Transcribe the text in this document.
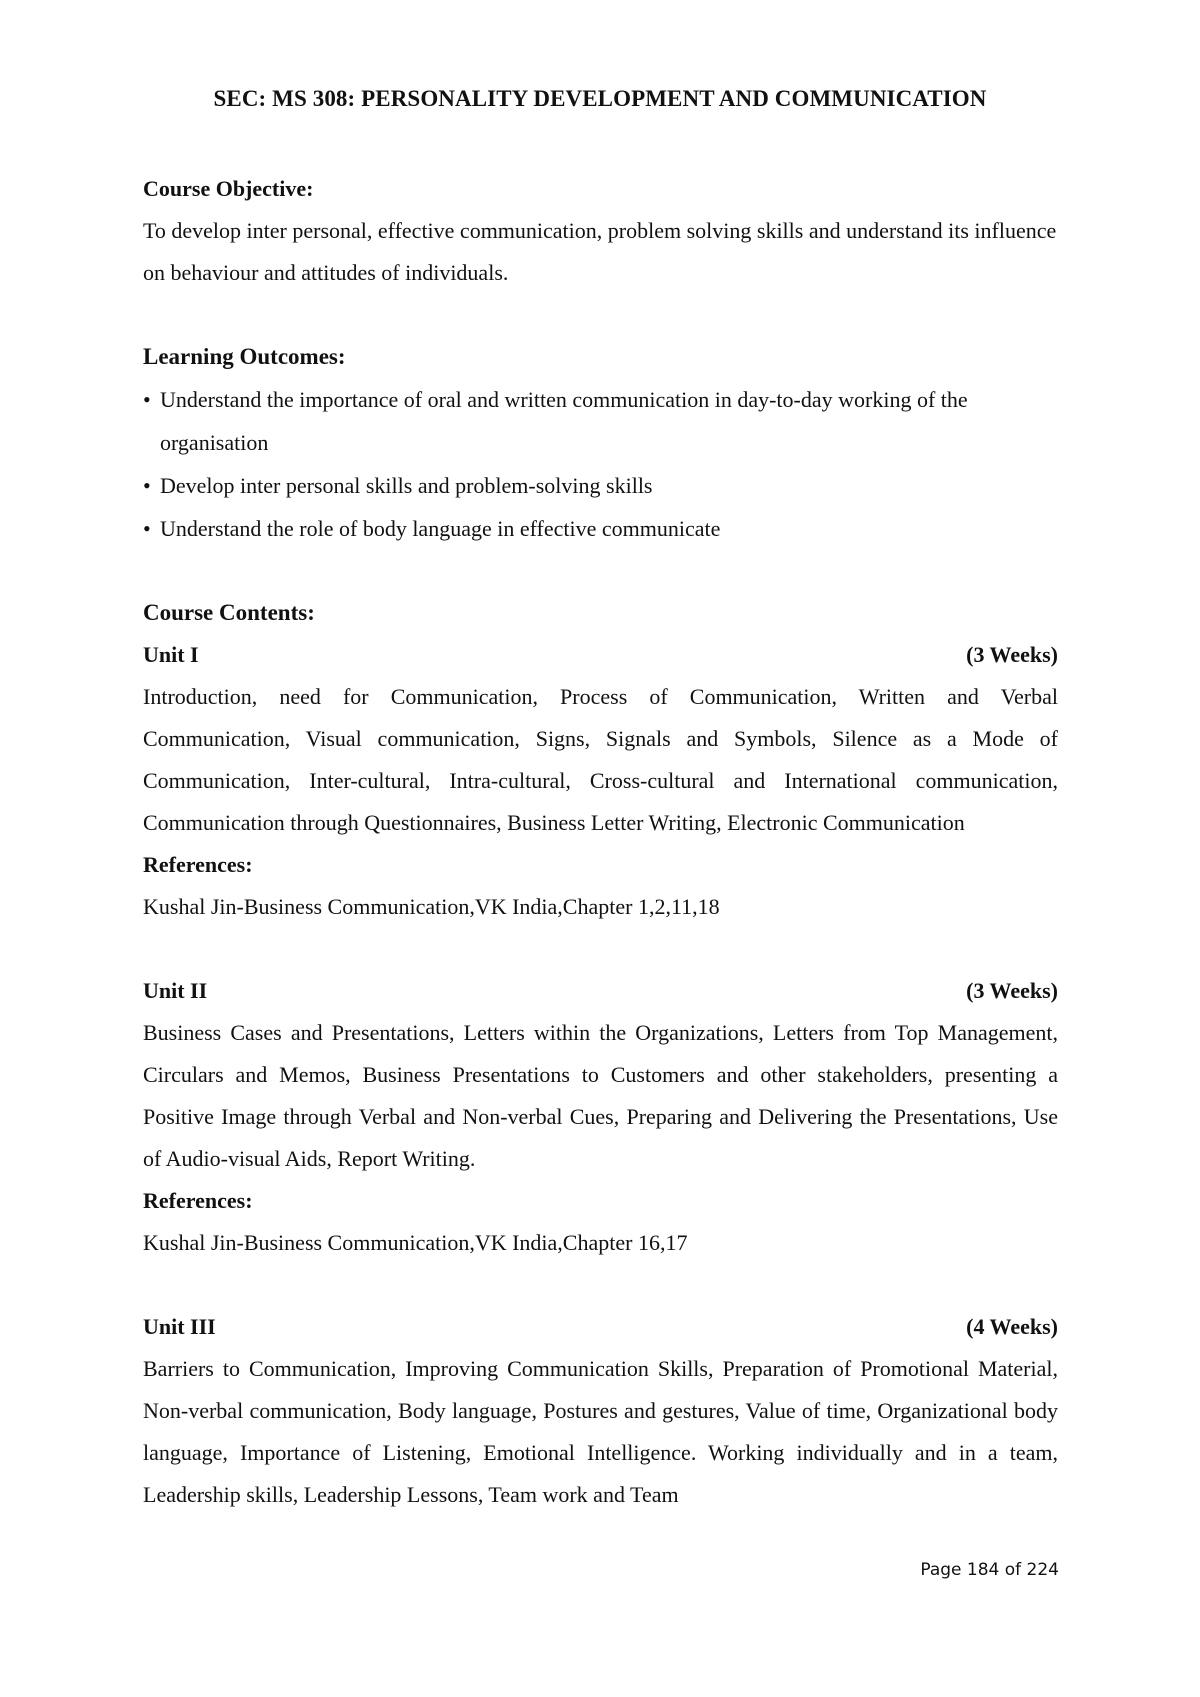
SEC: MS 308: PERSONALITY DEVELOPMENT AND COMMUNICATION
Course Objective:

To develop inter personal, effective communication, problem solving skills and understand its influence on behaviour and attitudes of individuals.

Learning Outcomes:
• Understand the importance of oral and written communication in day-to-day working of the organisation
• Develop inter personal skills and problem-solving skills
• Understand the role of body language in effective communicate
Course Contents:
Unit I	(3 Weeks)

Introduction, need for Communication, Process of Communication, Written and Verbal Communication, Visual communication, Signs, Signals and Symbols, Silence as a Mode of Communication, Inter-cultural, Intra-cultural, Cross-cultural and International communication, Communication through Questionnaires, Business Letter Writing, Electronic Communication

References:

Kushal Jin-Business Communication,VK India,Chapter 1,2,11,18

Unit II	(3 Weeks)

Business Cases and Presentations, Letters within the Organizations, Letters from Top Management, Circulars and Memos, Business Presentations to Customers and other stakeholders, presenting a Positive Image through Verbal and Non-verbal Cues, Preparing and Delivering the Presentations, Use of Audio-visual Aids, Report Writing.

References:

Kushal Jin-Business Communication,VK India,Chapter 16,17

Unit III	(4 Weeks)

Barriers to Communication, Improving Communication Skills, Preparation of Promotional Material, Non-verbal communication, Body language, Postures and gestures, Value of time, Organizational body language, Importance of Listening, Emotional Intelligence. Working individually and in a team, Leadership skills, Leadership Lessons, Team work and Team

Page 184 of 224
